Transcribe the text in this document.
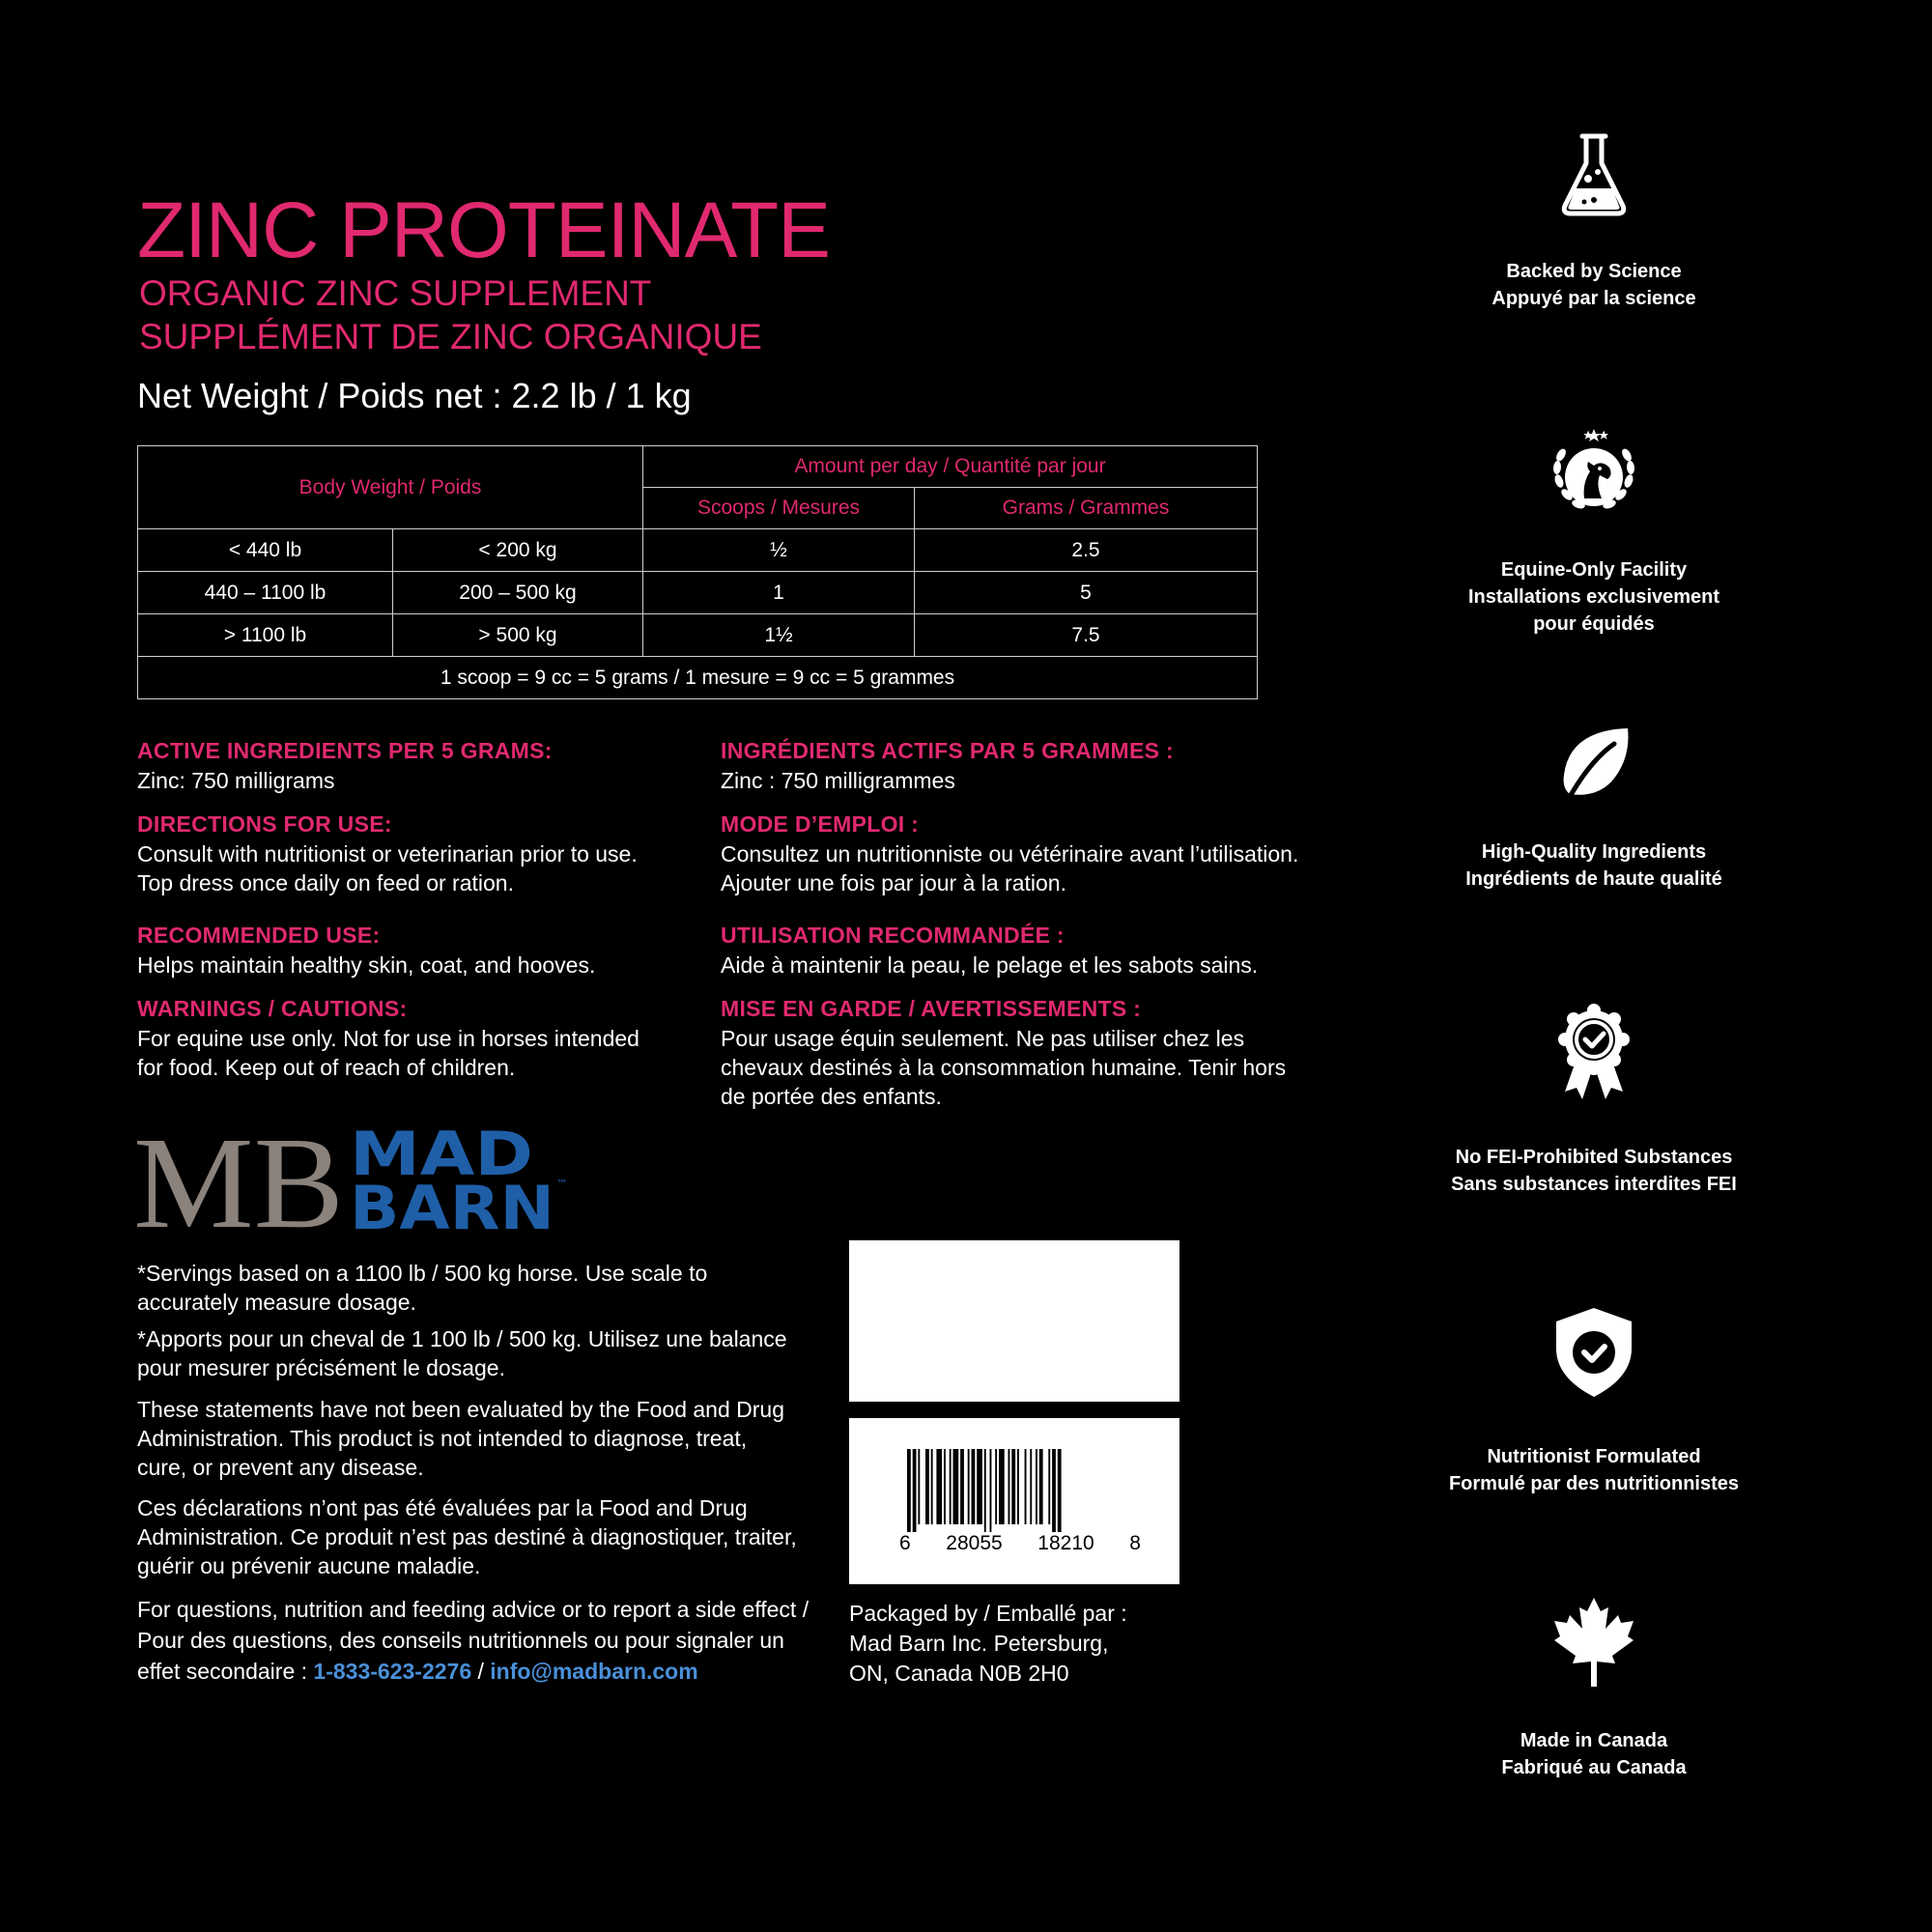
ZINC PROTEINATE
ORGANIC ZINC SUPPLEMENT
SUPPLÉMENT DE ZINC ORGANIQUE
Net Weight / Poids net : 2.2 lb / 1 kg
Body Weight / Poids		Amount per day / Quantité par jour	
		Scoops / Mesures	Grams / Grammes
< 440 lb	< 200 kg	½	2.5
440 – 1100 lb	200 – 500 kg	1	5
> 1100 lb	> 500 kg	1½	7.5
1 scoop = 9 cc = 5 grams / 1 mesure = 9 cc = 5 grammes			
ACTIVE INGREDIENTS PER 5 GRAMS:
Zinc: 750 milligrams
DIRECTIONS FOR USE:
Consult with nutritionist or veterinarian prior to use.
Top dress once daily on feed or ration.
RECOMMENDED USE:
Helps maintain healthy skin, coat, and hooves.
WARNINGS / CAUTIONS:
For equine use only. Not for use in horses intended
for food. Keep out of reach of children.
INGRÉDIENTS ACTIFS PAR 5 GRAMMES :
Zinc : 750 milligrammes
MODE D’EMPLOI :
Consultez un nutritionniste ou vétérinaire avant l’utilisation.
Ajouter une fois par jour à la ration.
UTILISATION RECOMMANDÉE :
Aide à maintenir la peau, le pelage et les sabots sains.
MISE EN GARDE / AVERTISSEMENTS :
Pour usage équin seulement. Ne pas utiliser chez les
chevaux destinés à la consommation humaine. Tenir hors
de portée des enfants.
MB MAD
BARN ™
*Servings based on a 1100 lb / 500 kg horse. Use scale to
accurately measure dosage.
*Apports pour un cheval de 1 100 lb / 500 kg. Utilisez une balance
pour mesurer précisément le dosage.
These statements have not been evaluated by the Food and Drug
Administration. This product is not intended to diagnose, treat,
cure, or prevent any disease.
Ces déclarations n’ont pas été évaluées par la Food and Drug
Administration. Ce produit n’est pas destiné à diagnostiquer, traiter,
guérir ou prévenir aucune maladie.
For questions, nutrition and feeding advice or to report a side effect /
Pour des questions, des conseils nutritionnels ou pour signaler un
effet secondaire : 1-833-623-2276 / info@madbarn.com
6 28055 18210 8
Packaged by / Emballé par :
Mad Barn Inc. Petersburg,
ON, Canada N0B 2H0
Backed by Science
Appuyé par la science
Equine-Only Facility
Installations exclusivement
pour équidés
High-Quality Ingredients
Ingrédients de haute qualité
No FEI-Prohibited Substances
Sans substances interdites FEI
Nutritionist Formulated
Formulé par des nutritionnistes
Made in Canada
Fabriqué au Canada
